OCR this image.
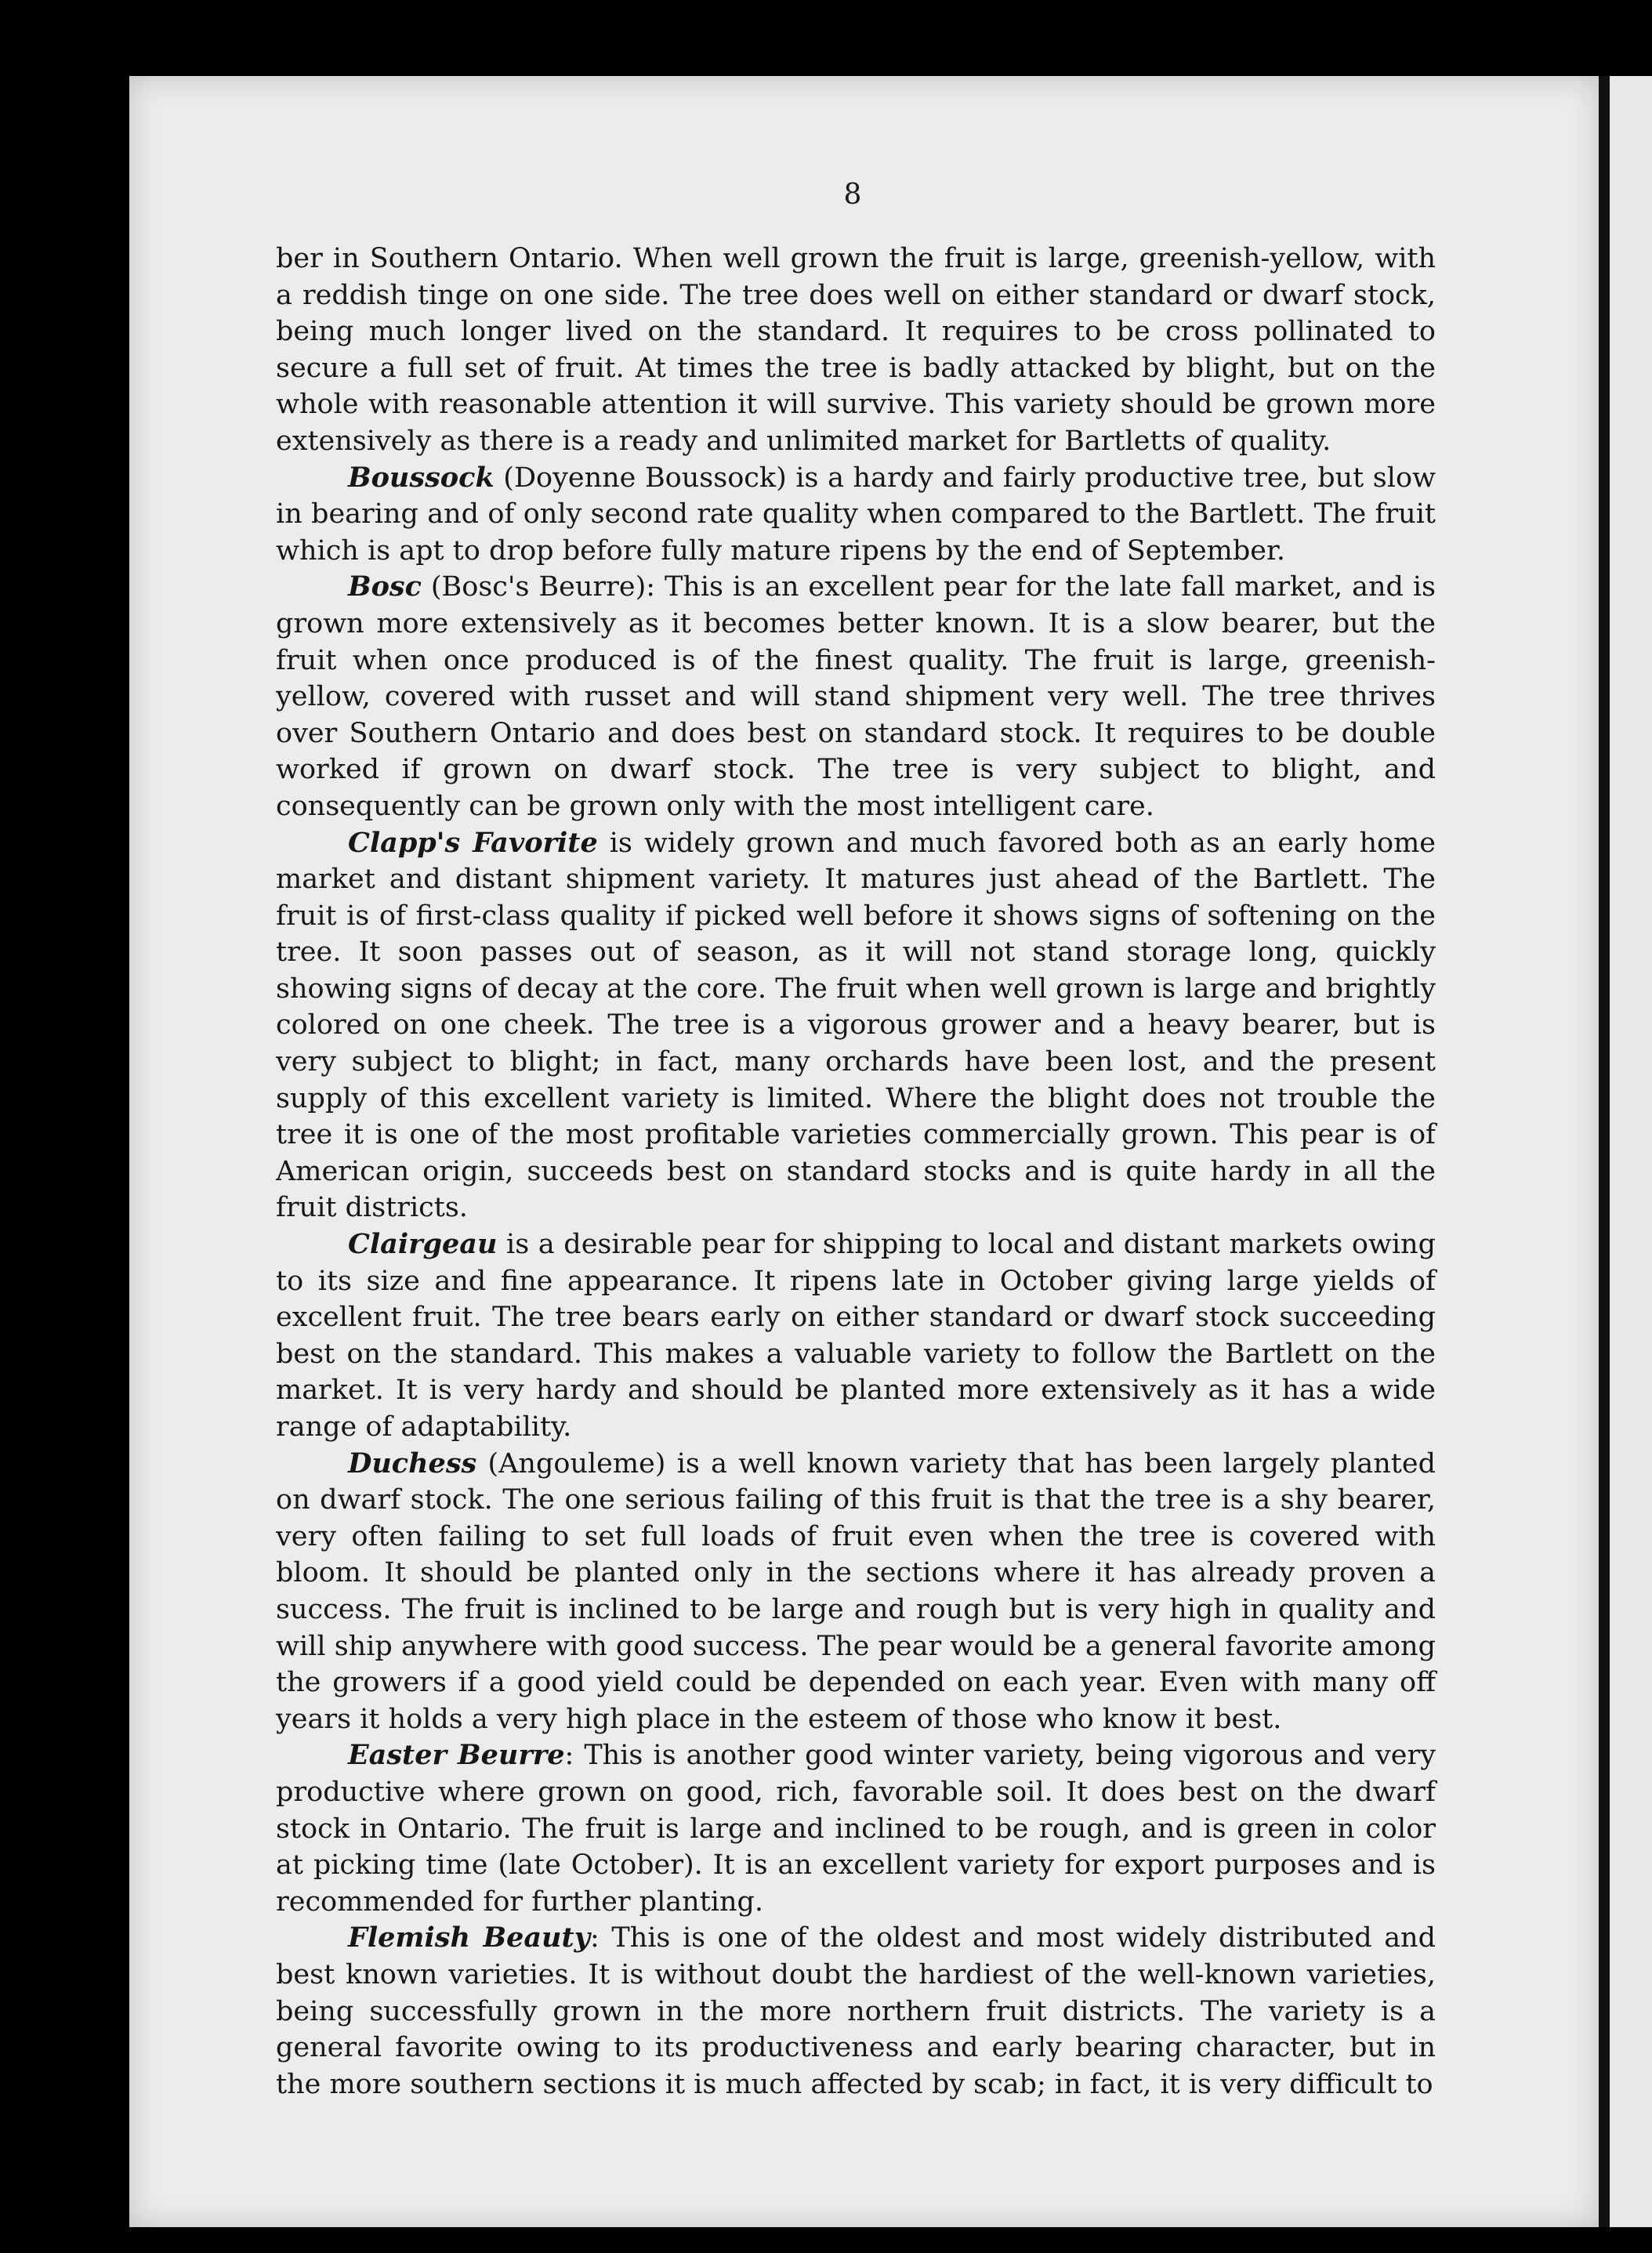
8

ber in Southern Ontario. When well grown the fruit is large, greenish-yellow, with a reddish tinge on one side. The tree does well on either standard or dwarf stock, being much longer lived on the standard. It requires to be cross pollinated to secure a full set of fruit. At times the tree is badly attacked by blight, but on the whole with reasonable attention it will survive. This variety should be grown more extensively as there is a ready and unlimited market for Bartletts of quality.

Boussock (Doyenne Boussock) is a hardy and fairly productive tree, but slow in bearing and of only second rate quality when compared to the Bartlett. The fruit which is apt to drop before fully mature ripens by the end of September.

Bosc (Bosc's Beurre): This is an excellent pear for the late fall market, and is grown more extensively as it becomes better known. It is a slow bearer, but the fruit when once produced is of the finest quality. The fruit is large, greenish-yellow, covered with russet and will stand shipment very well. The tree thrives over Southern Ontario and does best on standard stock. It requires to be double worked if grown on dwarf stock. The tree is very subject to blight, and consequently can be grown only with the most intelligent care.

Clapp's Favorite is widely grown and much favored both as an early home market and distant shipment variety. It matures just ahead of the Bartlett. The fruit is of first-class quality if picked well before it shows signs of softening on the tree. It soon passes out of season, as it will not stand storage long, quickly showing signs of decay at the core. The fruit when well grown is large and brightly colored on one cheek. The tree is a vigorous grower and a heavy bearer, but is very subject to blight; in fact, many orchards have been lost, and the present supply of this excellent variety is limited. Where the blight does not trouble the tree it is one of the most profitable varieties commercially grown. This pear is of American origin, succeeds best on standard stocks and is quite hardy in all the fruit districts.

Clairgeau is a desirable pear for shipping to local and distant markets owing to its size and fine appearance. It ripens late in October giving large yields of excellent fruit. The tree bears early on either standard or dwarf stock succeeding best on the standard. This makes a valuable variety to follow the Bartlett on the market. It is very hardy and should be planted more extensively as it has a wide range of adaptability.

Duchess (Angouleme) is a well known variety that has been largely planted on dwarf stock. The one serious failing of this fruit is that the tree is a shy bearer, very often failing to set full loads of fruit even when the tree is covered with bloom. It should be planted only in the sections where it has already proven a success. The fruit is inclined to be large and rough but is very high in quality and will ship anywhere with good success. The pear would be a general favorite among the growers if a good yield could be depended on each year. Even with many off years it holds a very high place in the esteem of those who know it best.

Easter Beurre: This is another good winter variety, being vigorous and very productive where grown on good, rich, favorable soil. It does best on the dwarf stock in Ontario. The fruit is large and inclined to be rough, and is green in color at picking time (late October). It is an excellent variety for export purposes and is recommended for further planting.

Flemish Beauty: This is one of the oldest and most widely distributed and best known varieties. It is without doubt the hardiest of the well-known varieties, being successfully grown in the more northern fruit districts. The variety is a general favorite owing to its productiveness and early bearing character, but in the more southern sections it is much affected by scab; in fact, it is very difficult to
